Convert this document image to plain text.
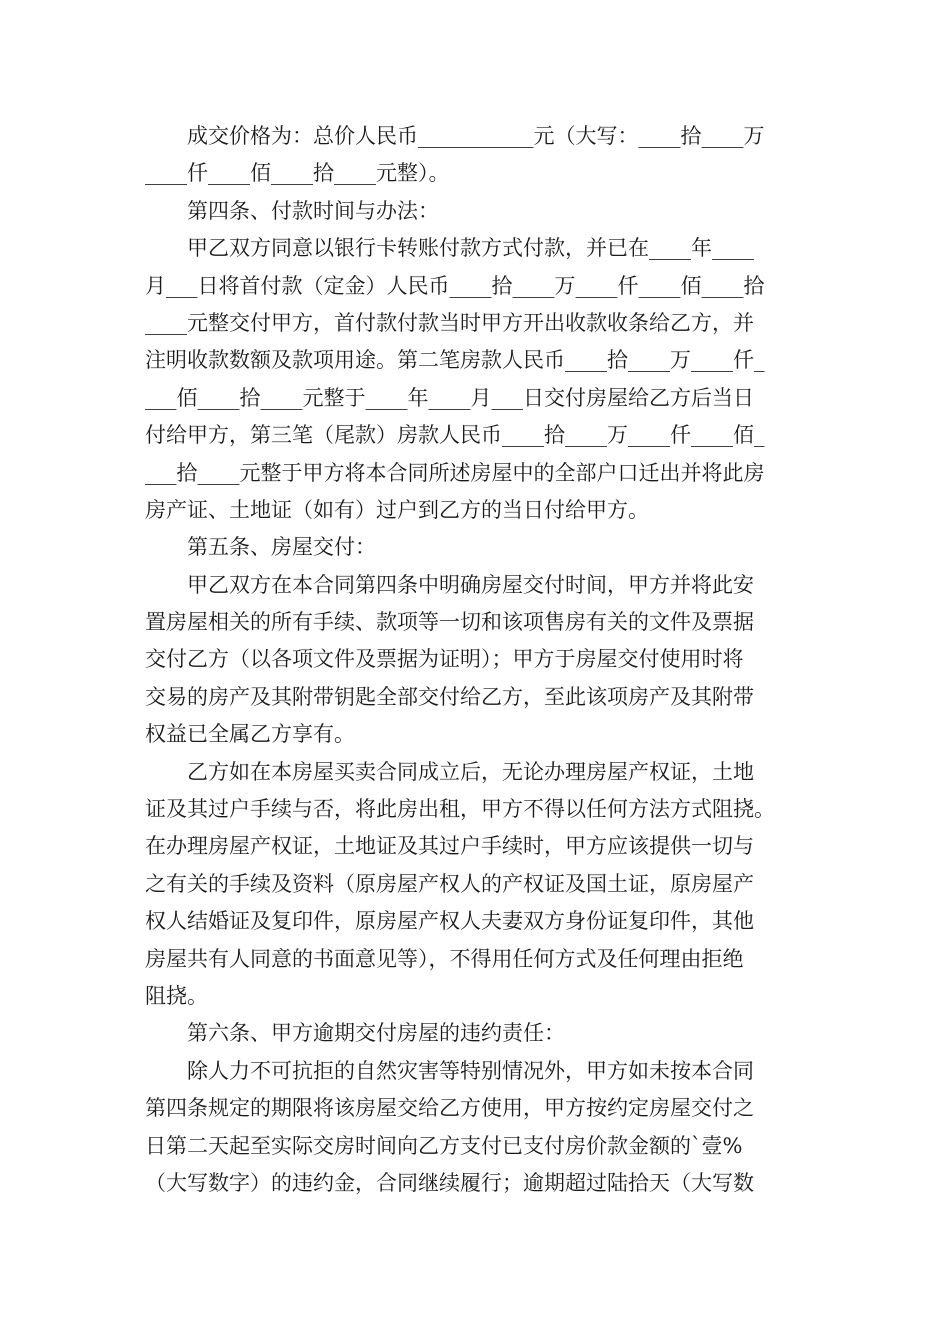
成交价格为：总价人民币___________元（大写：____拾____万
____仟____佰____拾____元整）。
第四条、付款时间与办法：
甲乙双方同意以银行卡转账付款方式付款，并已在____年____
月___日将首付款（定金）人民币____拾____万____仟____佰____拾
____元整交付甲方，首付款付款当时甲方开出收款收条给乙方，并
注明收款数额及款项用途。第二笔房款人民币____拾____万____仟_
___佰____拾____元整于____年____月___日交付房屋给乙方后当日
付给甲方，第三笔（尾款）房款人民币____拾____万____仟____佰_
___拾____元整于甲方将本合同所述房屋中的全部户口迁出并将此房
房产证、土地证（如有）过户到乙方的当日付给甲方。
第五条、房屋交付：
甲乙双方在本合同第四条中明确房屋交付时间，甲方并将此安
置房屋相关的所有手续、款项等一切和该项售房有关的文件及票据
交付乙方（以各项文件及票据为证明）；甲方于房屋交付使用时将
交易的房产及其附带钥匙全部交付给乙方，至此该项房产及其附带
权益已全属乙方享有。
乙方如在本房屋买卖合同成立后，无论办理房屋产权证，土地
证及其过户手续与否，将此房出租，甲方不得以任何方法方式阻挠。
在办理房屋产权证，土地证及其过户手续时，甲方应该提供一切与
之有关的手续及资料（原房屋产权人的产权证及国土证，原房屋产
权人结婚证及复印件，原房屋产权人夫妻双方身份证复印件，其他
房屋共有人同意的书面意见等），不得用任何方式及任何理由拒绝
阻挠。
第六条、甲方逾期交付房屋的违约责任：
除人力不可抗拒的自然灾害等特别情况外，甲方如未按本合同
第四条规定的期限将该房屋交给乙方使用，甲方按约定房屋交付之
日第二天起至实际交房时间向乙方支付已支付房价款金额的`壹%
（大写数字）的违约金，合同继续履行；逾期超过陆拾天（大写数
